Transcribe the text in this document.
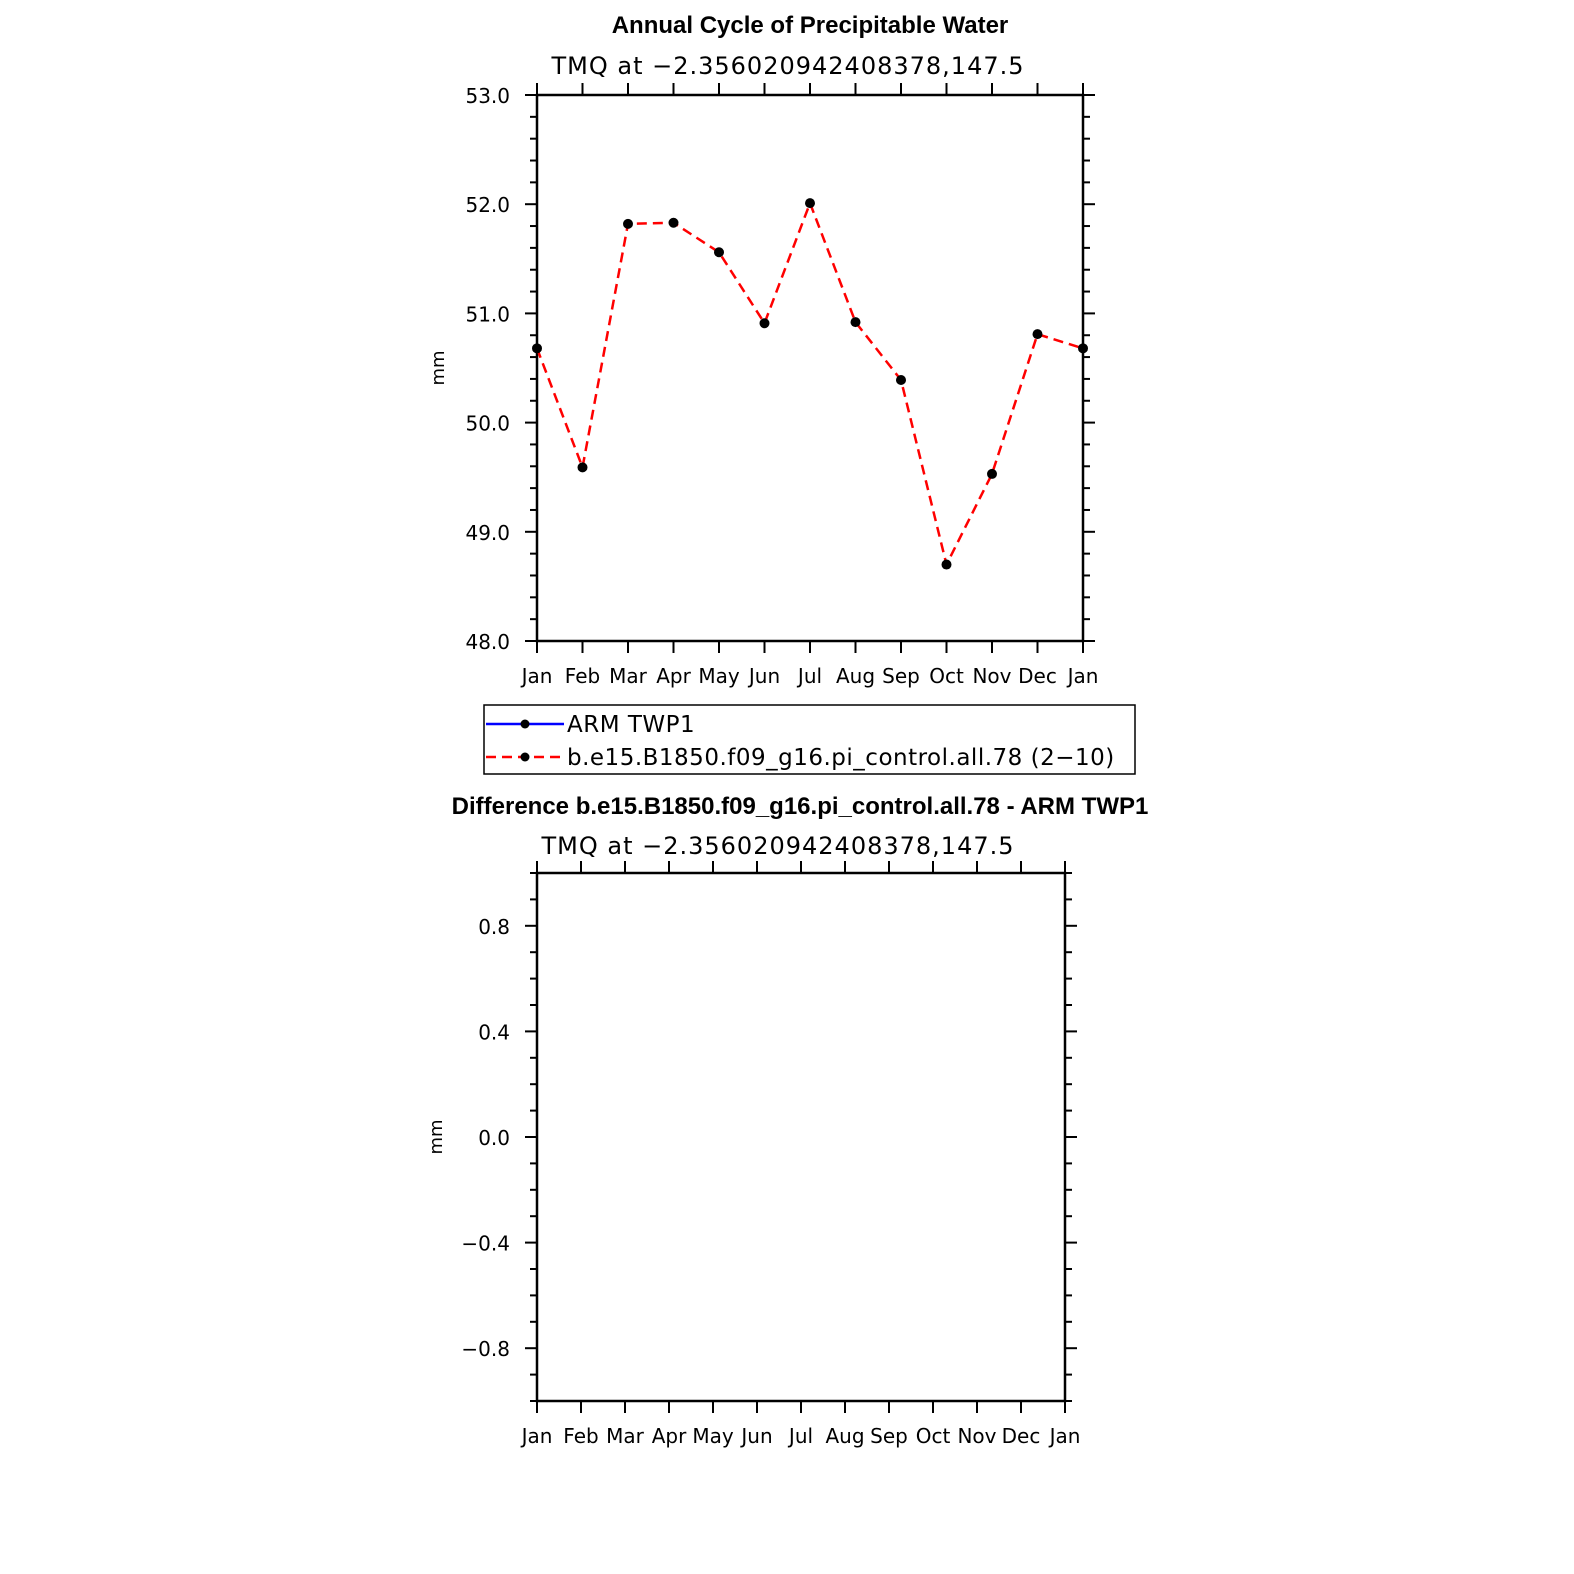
Annual Cycle of Precipitable Water
TMQ at −2.356020942408378,147.5
mm
Jan Feb Mar Apr May Jun Jul Aug Sep Oct Nov Dec Jan
48.0
49.0
50.0
51.0
52.0
53.0
ARM TWP1
b.e15.B1850.f09_g16.pi_control.all.78 (2−10)
Difference b.e15.B1850.f09_g16.pi_control.all.78 - ARM TWP1
TMQ at −2.356020942408378,147.5
mm
Jan Feb Mar Apr May Jun Jul Aug Sep Oct Nov Dec Jan
−0.8
−0.4
0.0
0.4
0.8
